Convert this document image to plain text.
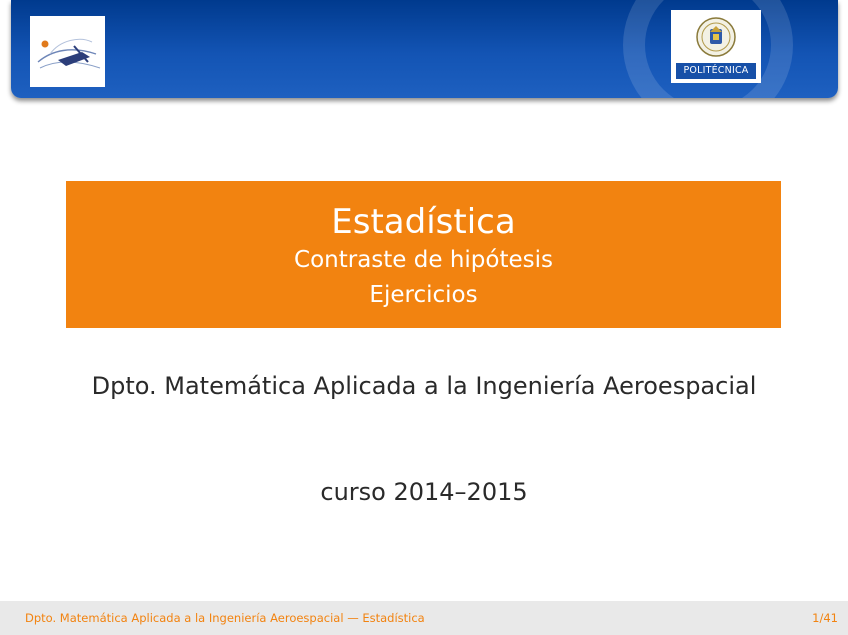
POLITÉCNICA
Estadística
Contraste de hipótesis
Ejercicios
Dpto. Matemática Aplicada a la Ingeniería Aeroespacial
curso 2014–2015
Dpto. Matemática Aplicada a la Ingeniería Aeroespacial — Estadística	1/41
